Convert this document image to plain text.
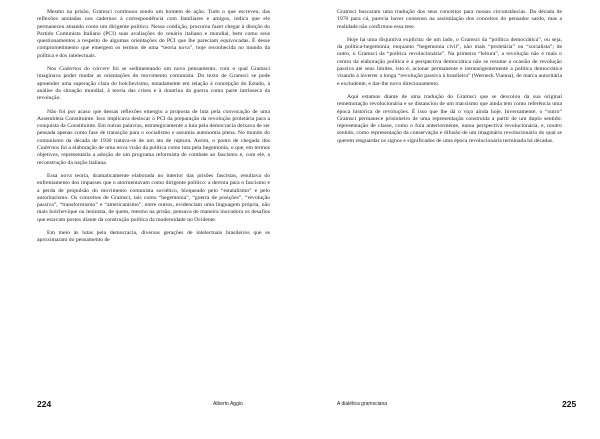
Mesmo na prisão, Gramsci continuou sendo um homem de ação. Tudo o que escreveu, das reflexões anotadas nos cadernos à correspondência com familiares e amigos, indica que ele permaneceu atuando como um dirigente político. Nessa condição, procurou fazer chegar à direção do Partido Comunista Italiano (PCI) suas avaliações do cenário italiano e mundial, bem como seus questionamentos a respeito de algumas orientações do PCI que lhe pareciam equivocadas. É desse comprometimento que emergem os termos de uma “teoria nova”, hoje reconhecida no mundo da política e dos intelectuais.

Nos Cadernos do cárcere foi se sedimentando um novo pensamento, com o qual Gramsci imaginava poder mudar as orientações do movimento comunista. Do texto de Gramsci se pode apreender uma superação clara do bolchevismo, notadamente em relação à concepção do Estado, à análise da situação mundial, à teoria das crises e à doutrina da guerra como parte intrínseca da revolução.

Não foi por acaso que dessas reflexões emergiu a proposta de luta pela convocação de uma Assembleia Constituinte. Isso implicava deslocar o PCI da preparação da revolução proletária para a conquista da Constituinte. Em outras palavras, estrategicamente a luta pela democracia deixava de ser pensada apenas como fase de transição para o socialismo e assumia autonomia plena. No mundo do comunismo da década de 1930 tratava-se de um ato de ruptura. Assim, o ponto de chegada dos Cadernos foi a elaboração de uma nova visão da política como luta pela hegemonia, o que, em termos objetivos, representaria a adoção de um programa reformista de combate ao fascismo e, com ele, a reconstrução da nação italiana.

Essa nova teoria, dramaticamente elaborada no interior das prisões fascistas, resultava do enfrentamento dos impasses que o atormentavam como dirigente político: a derrota para o fascismo e a perda de propulsão do movimento comunista soviético, bloqueado pelo “estatalismo” e pelo autoritarismo. Os conceitos de Gramsci, tais como “hegemonia”, “guerra de posições”, “revolução passiva”, “transformismo” e “americanismo”, entre outros, evidenciam uma linguagem própria, não mais bolchevique ou leninista, de quem, mesmo na prisão, pensava de maneira inovadora os desafios que estavam postos diante da construção política da modernidade no Ocidente.

Em meio às lutas pela democracia, diversas gerações de intelectuais brasileiros que se aproximaram do pensamento de

224	Alberto Aggio

Gramsci buscaram uma tradução dos seus conceitos para nossas circunstâncias. Da década de 1970 para cá, parecia haver consenso na assimilação dos conceitos do pensador sardo, mas a realidade não confirmou essa tese.

Hoje há uma disjuntiva explícita: de um lado, o Gramsci da “política democrática”, ou seja, da política-hegemonia, enquanto “hegemonia civil”, não mais “proletária” ou “socialista”; de outro, o Gramsci da “política revolucionária”. Na primeira “leitura”, a revolução não é mais o centro da elaboração política e a perspectiva democrática não se resume a ocasião de revolução passiva até seus limites, isto é, acionar permanente e intransigentemente a política democrática visando à inverter a longa “revolução passiva à brasileira” (Werneck Vianna), de marca autoritária e excludente, e dar-lhe novo direcionamento.

Aqui estamos diante de uma tradução do Gramsci que se descolou da sua original rememoração revolucionária e se distanciou de um marxismo que ainda tem como referência uma época histórica de revoluções. É isso que lhe dá o viço ainda hoje. Inversamente, o “outro” Gramsci permanece prisioneiro de uma representação construída a partir de um duplo sentido: representação de classe, como o fora anteriormente, numa perspectiva revolucionária, e, noutro sentido, como representação da conservação e difusão de um imaginário revolucionário do qual se querem resguardar os signos e significados de uma época revolucionária terminada há décadas.

A dialética gramsciana	225
